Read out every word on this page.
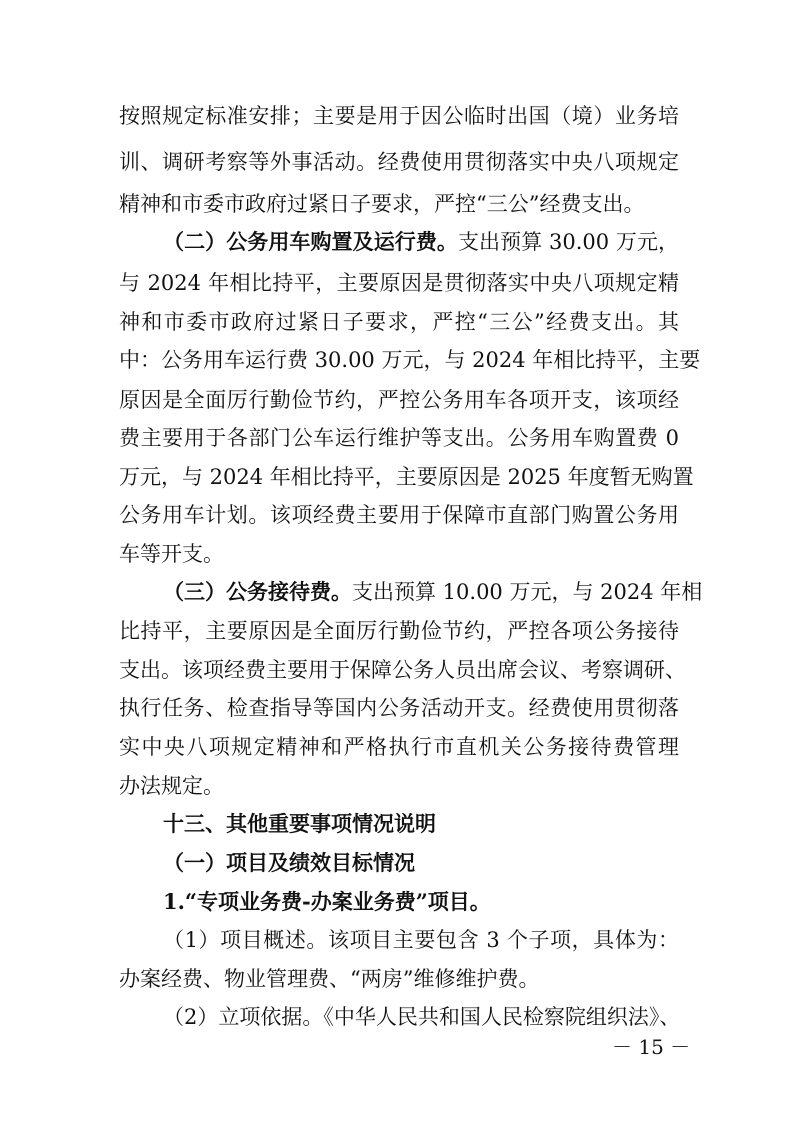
按照规定标准安排；主要是用于因公临时出国（境）业务培
训、调研考察等外事活动。经费使用贯彻落实中央八项规定
精神和市委市政府过紧日子要求，严控“三公”经费支出。
（二）公务用车购置及运行费。支出预算 30.00 万元，
与 2024 年相比持平，主要原因是贯彻落实中央八项规定精
神和市委市政府过紧日子要求，严控“三公”经费支出。其
中：公务用车运行费 30.00 万元，与 2024 年相比持平，主要
原因是全面厉行勤俭节约，严控公务用车各项开支，该项经
费主要用于各部门公车运行维护等支出。公务用车购置费 0
万元，与 2024 年相比持平，主要原因是 2025 年度暂无购置
公务用车计划。该项经费主要用于保障市直部门购置公务用
车等开支。
（三）公务接待费。支出预算 10.00 万元，与 2024 年相
比持平，主要原因是全面厉行勤俭节约，严控各项公务接待
支出。该项经费主要用于保障公务人员出席会议、考察调研、
执行任务、检查指导等国内公务活动开支。经费使用贯彻落
实中央八项规定精神和严格执行市直机关公务接待费管理
办法规定。
十三、其他重要事项情况说明
（一）项目及绩效目标情况
1.“专项业务费-办案业务费”项目。
（1）项目概述。该项目主要包含 3 个子项，具体为：
办案经费、物业管理费、“两房”维修维护费。
（2）立项依据。《中华人民共和国人民检察院组织法》、
－ 15 －
